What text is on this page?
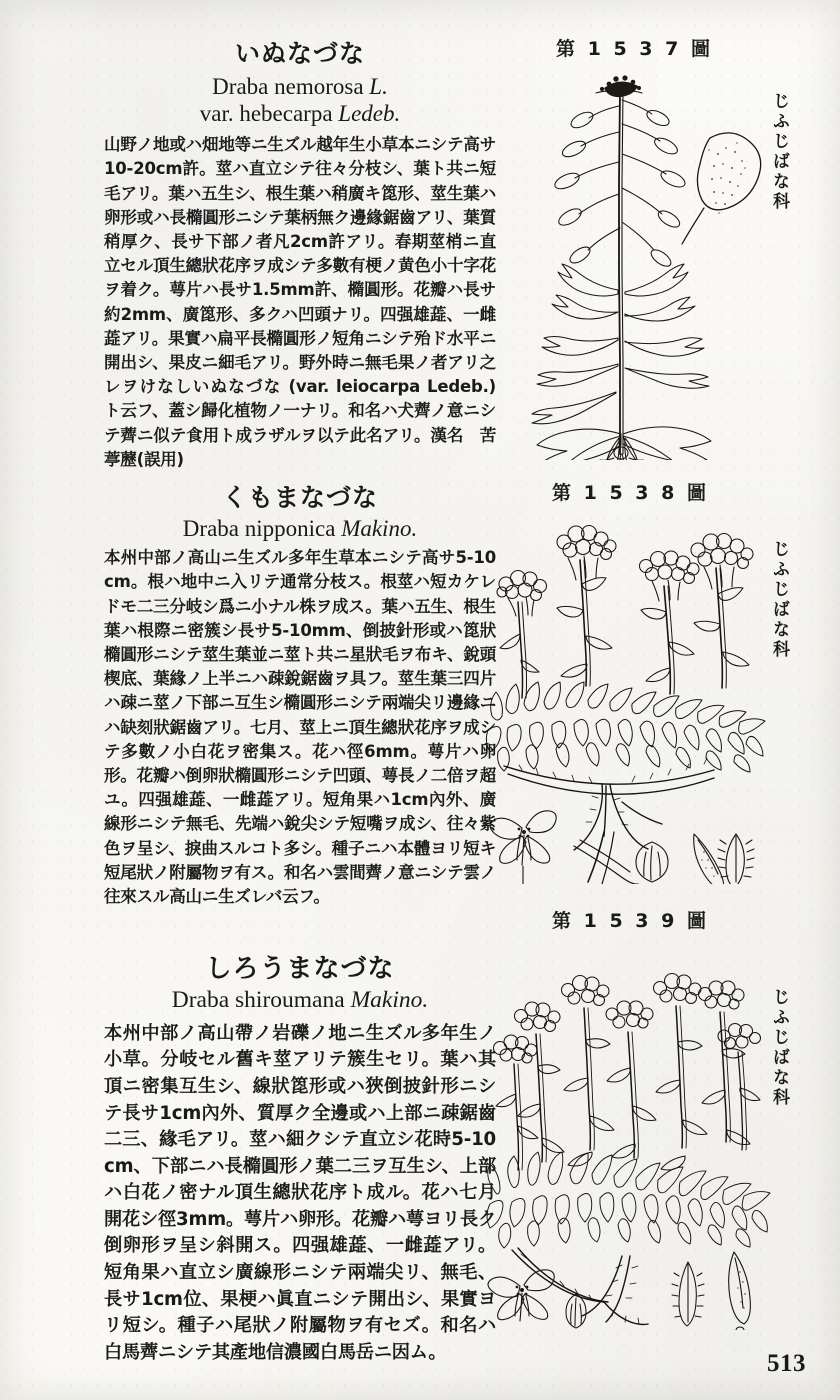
いぬなづな
Draba nemorosa L.
var. hebecarpa Ledeb.
山野ノ地或ハ畑地等ニ生ズル越年生小草本ニシテ高サ10-20cm許。莖ハ直立シテ往々分枝シ、葉ト共ニ短毛アリ。葉ハ五生シ、根生葉ハ稍廣キ箆形、莖生葉ハ卵形或ハ長橢圓形ニシテ葉柄無ク邊緣鋸齒アリ、葉質稍厚ク、長サ下部ノ者凡2cm許アリ。春期莖梢ニ直立セル頂生總狀花序ヲ成シテ多數有梗ノ黄色小十字花ヲ着ク。萼片ハ長サ1.5mm許、橢圓形。花瓣ハ長サ約2mm、廣箆形、多クハ凹頭ナリ。四强雄蕋、一雌蕋アリ。果實ハ扁平長橢圓形ノ短角ニシテ殆ド水平ニ開出シ、果皮ニ細毛アリ。野外時ニ無毛果ノ者アリ之レヲけなしいぬなづな (var. leiocarpa Ledeb.) ト云フ、蓋シ歸化植物ノ一ナリ。和名ハ犬薺ノ意ニシテ薺ニ似テ食用ト成ラザルヲ以テ此名アリ。漢名　苦葶藶(誤用)
第 1 5 3 7 圖
じふじばな科
くもまなづな
Draba nipponica Makino.
本州中部ノ高山ニ生ズル多年生草本ニシテ高サ5-10cm。根ハ地中ニ入リテ通常分枝ス。根莖ハ短カケレドモ二三分岐シ爲ニ小ナル株ヲ成ス。葉ハ五生、根生葉ハ根際ニ密簇シ長サ5-10mm、倒披針形或ハ箆狀橢圓形ニシテ莖生葉並ニ莖ト共ニ星狀毛ヲ布キ、銳頭楔底、葉緣ノ上半ニハ疎銳鋸齒ヲ具フ。莖生葉三四片ハ疎ニ莖ノ下部ニ互生シ橢圓形ニシテ兩端尖リ邊緣ニハ缺刻狀鋸齒アリ。七月、莖上ニ頂生總狀花序ヲ成シテ多數ノ小白花ヲ密集ス。花ハ徑6mm。萼片ハ卵形。花瓣ハ倒卵狀橢圓形ニシテ凹頭、萼長ノ二倍ヲ超ユ。四强雄蕋、一雌蕋アリ。短角果ハ1cm內外、廣線形ニシテ無毛、先端ハ銳尖シテ短嘴ヲ成シ、往々紫色ヲ呈シ、捩曲スルコト多シ。種子ニハ本體ヨリ短キ短尾狀ノ附屬物ヲ有ス。和名ハ雲間薺ノ意ニシテ雲ノ往來スル高山ニ生ズレバ云フ。
第 1 5 3 8 圖
じふじばな科
しろうまなづな
Draba shiroumana Makino.
本州中部ノ高山帶ノ岩礫ノ地ニ生ズル多年生ノ小草。分岐セル舊キ莖アリテ簇生セリ。葉ハ其頂ニ密集互生シ、線狀箆形或ハ狹倒披針形ニシテ長サ1cm內外、質厚ク全邊或ハ上部ニ疎鋸齒二三、緣毛アリ。莖ハ細クシテ直立シ花時5-10cm、下部ニハ長橢圓形ノ葉二三ヲ互生シ、上部ハ白花ノ密ナル頂生總狀花序ト成ル。花ハ七月開花シ徑3mm。萼片ハ卵形。花瓣ハ萼ヨリ長ク倒卵形ヲ呈シ斜開ス。四强雄蕋、一雌蕋アリ。短角果ハ直立シ廣線形ニシテ兩端尖リ、無毛、長サ1cm位、果梗ハ眞直ニシテ開出シ、果實ヨリ短シ。種子ハ尾狀ノ附屬物ヲ有セズ。和名ハ白馬薺ニシテ其產地信濃國白馬岳ニ因ム。
第 1 5 3 9 圖
じふじばな科
513
